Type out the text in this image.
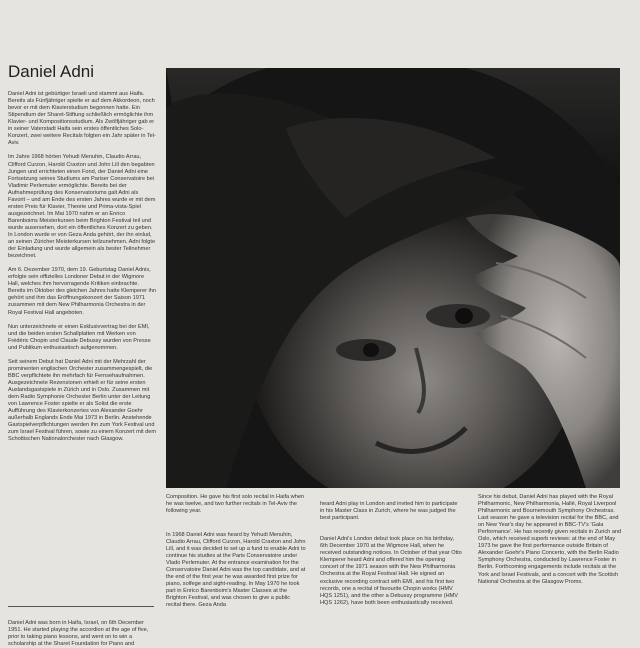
Daniel Adni

Daniel Adni ist gebürtiger Israeli und stammt aus Haifa. Bereits als Fünfjähriger spielte er auf dem Akkordeon, noch bevor er mit dem Klavierstudium begonnen hatte. Ein Stipendium der Sharet-Stiftung schließlich ermöglichte ihm Klavier- und Kompositionsstudium. Als Zwölfjähriger gab er in seiner Vaterstadt Haifa sein erstes öffentliches Solo-Konzert, zwei weitere Recitals folgten ein Jahr später in Tel-Aviv.

Im Jahre 1968 hörten Yehudi Menuhin, Claudio Arrau, Clifford Curzon, Harold Craxton und John Lill den begabten Jungen und errichteten einen Fond, der Daniel Adni eine Fortsetzung seines Studiums am Pariser Conservatoire bei Vladimir Perlemuter ermöglichte. Bereits bei der Aufnahmeprüfung des Konservatoriums galt Adni als Favorit – und am Ende des ersten Jahres wurde er mit dem ersten Preis für Klavier, Theorie und Prima-vista-Spiel ausgezeichnet. Im Mai 1970 nahm er an Enrico Barenboims Meisterkursen beim Brighton Festival teil und wurde ausersehen, dort ein öffentliches Konzert zu geben. In London wurde er von Geza Anda gehört, der ihn einlud, an seinen Züricher Meisterkursen teilzunehmen. Adni folgte der Einladung und wurde allgemein als bester Teilnehmer bezeichnet.

Am 6. Dezember 1970, dem 19. Geburtstag Daniel Adnis, erfolgte sein offizielles Londoner Debut in der Wigmore Hall, welches ihm hervorragende Kritiken einbrachte. Bereits im Oktober des gleichen Jahres hatte Klemperer ihn gehört und ihm das Eröffnungskonzert der Saison 1971 zusammen mit dem New Philharmonia Orchestra in der Royal Festival Hall angeboten.

Nun unterzeichnete er einen Exklusivvertrag bei der EMI, und die beiden ersten Schallplatten mit Werken von Frédéric Chopin und Claude Debussy wurden von Presse und Publikum enthusiastisch aufgenommen.

Seit seinem Debut hat Daniel Adni mit der Mehrzahl der prominenten englischen Orchester zusammengespielt, die BBC verpflichtete ihn mehrfach für Fernsehaufnahmen. Ausgezeichnete Rezensionen erhielt er für seine ersten Auslandsgastspiele in Zürich und in Oslo. Zusammen mit dem Radio Symphonie Orchester Berlin unter der Leitung von Lawrence Foster spielte er als Solist die erste Aufführung des Klavierkonzertes von Alexander Goehr außerhalb Englands Ende Mai 1973 in Berlin. Anstehende Gastspielverpflichtungen werden ihn zum York Festival und zum Israel Festival führen, sowie zu einem Konzert mit dem Schottischen Nationalorchester nach Glasgow.

Daniel Adni was born in Haifa, Israel, on 6th December 1951. He started playing the accordion at the age of five, prior to taking piano lessons, and went on to win a scholarship at the Sharet Foundation for Piano and
Composition. He gave his first solo recital in Haifa when he was twelve, and two further recitals in Tel-Aviv the following year.
In 1968 Daniel Adni was heard by Yehudi Menuhin, Claudio Arrau, Clifford Curzon, Harold Craxton and John Lill, and it was decided to set up a fund to enable Adni to continue his studies at the Paris Conservatoire under Vlado Perlemuter. At the entrance examination for the Conservatoire Daniel Adni was the top candidate, and at the end of the first year he was awarded first prize for piano, solfege and sight-reading. In May 1970 he took part in Enrico Barenboim's Master Classes at the Brighton Festival, and was chosen to give a public recital there. Geza Anda

heard Adni play in London and invited him to participate in his Master Class in Zurich, where he was judged the best participant.

Daniel Adni's London debut took place on his birthday, 6th December 1970 at the Wigmore Hall, when he received outstanding notices. In October of that year Otto Klemperer heard Adni and offered him the opening concert of the 1971 season with the New Philharmonia Orchestra at the Royal Festival Hall. He signed an exclusive recording contract with EMI, and his first two records, one a recital of favourite Chopin works (HMV HQS 1251), and the other a Debussy programme (HMV HQS 1262), have both been enthusiastically received.

Since his debut, Daniel Adni has played with the Royal Philharmonic, New Philharmonia, Hallé, Royal Liverpool Philharmonic and Bournemouth Symphony Orchestras. Last season he gave a television recital for the BBC, and on New Year's day he appeared in BBC-TV's 'Gala Performance'. He has recently given recitals in Zurich and Oslo, which received superb reviews: at the end of May 1973 he gave the first performance outside Britain of Alexander Goehr's Piano Concerto, with the Berlin Radio Symphony Orchestra, conducted by Lawrence Foster in Berlin. Forthcoming engagements include recitals at the York and Israel Festivals, and a concert with the Scottish National Orchestra at the Glasgow Proms.
